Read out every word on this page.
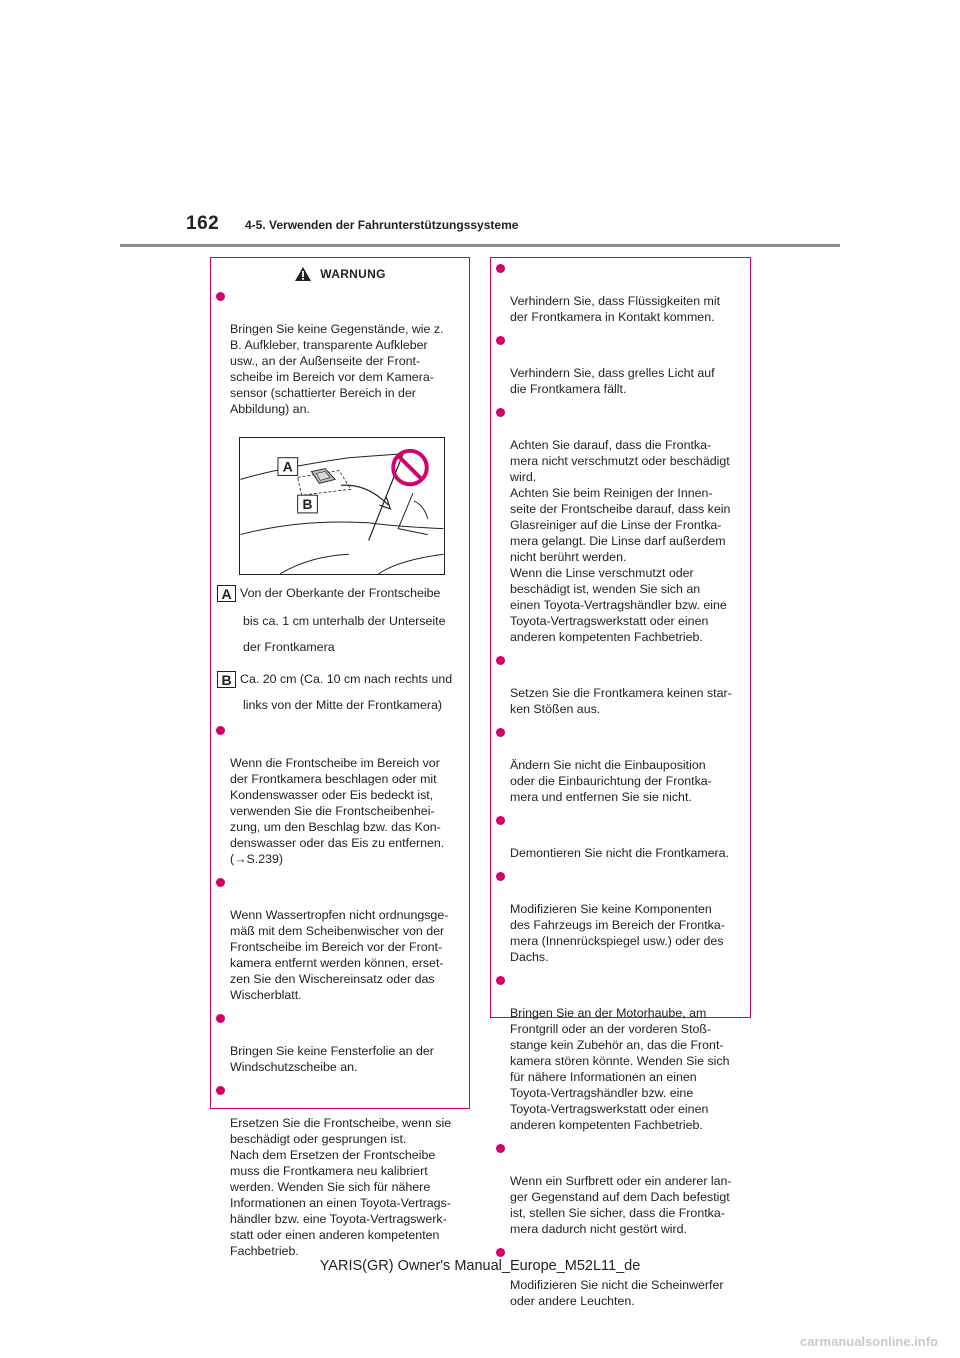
162 4-5. Verwenden der Fahrunterstützungssysteme
WARNUNG

Bringen Sie keine Gegenstände, wie z.
B. Aufkleber, transparente Aufkleber
usw., an der Außenseite der Front-
scheibe im Bereich vor dem Kamera-
sensor (schattierter Bereich in der
Abbildung) an.

A
B
A Von der Oberkante der Frontscheibe

bis ca. 1 cm unterhalb der Unterseite

der Frontkamera

B Ca. 20 cm (Ca. 10 cm nach rechts und

links von der Mitte der Frontkamera)

Wenn die Frontscheibe im Bereich vor
der Frontkamera beschlagen oder mit
Kondenswasser oder Eis bedeckt ist,
verwenden Sie die Frontscheibenhei-
zung, um den Beschlag bzw. das Kon-
denswasser oder das Eis zu entfernen.
(→S.239)

Wenn Wassertropfen nicht ordnungsge-
mäß mit dem Scheibenwischer von der
Frontscheibe im Bereich vor der Front-
kamera entfernt werden können, erset-
zen Sie den Wischereinsatz oder das
Wischerblatt.

Bringen Sie keine Fensterfolie an der
Windschutzscheibe an.

Ersetzen Sie die Frontscheibe, wenn sie
beschädigt oder gesprungen ist.
Nach dem Ersetzen der Frontscheibe
muss die Frontkamera neu kalibriert
werden. Wenden Sie sich für nähere
Informationen an einen Toyota-Vertrags-
händler bzw. eine Toyota-Vertragswerk-
statt oder einen anderen kompetenten
Fachbetrieb.

Verhindern Sie, dass Flüssigkeiten mit
der Frontkamera in Kontakt kommen.

Verhindern Sie, dass grelles Licht auf
die Frontkamera fällt.

Achten Sie darauf, dass die Frontka-
mera nicht verschmutzt oder beschädigt
wird.
Achten Sie beim Reinigen der Innen-
seite der Frontscheibe darauf, dass kein
Glasreiniger auf die Linse der Frontka-
mera gelangt. Die Linse darf außerdem
nicht berührt werden.
Wenn die Linse verschmutzt oder
beschädigt ist, wenden Sie sich an
einen Toyota-Vertragshändler bzw. eine
Toyota-Vertragswerkstatt oder einen
anderen kompetenten Fachbetrieb.

Setzen Sie die Frontkamera keinen star-
ken Stößen aus.

Ändern Sie nicht die Einbauposition
oder die Einbaurichtung der Frontka-
mera und entfernen Sie sie nicht.

Demontieren Sie nicht die Frontkamera.

Modifizieren Sie keine Komponenten
des Fahrzeugs im Bereich der Frontka-
mera (Innenrückspiegel usw.) oder des
Dachs.

Bringen Sie an der Motorhaube, am
Frontgrill oder an der vorderen Stoß-
stange kein Zubehör an, das die Front-
kamera stören könnte. Wenden Sie sich
für nähere Informationen an einen
Toyota-Vertragshändler bzw. eine
Toyota-Vertragswerkstatt oder einen
anderen kompetenten Fachbetrieb.

Wenn ein Surfbrett oder ein anderer lan-
ger Gegenstand auf dem Dach befestigt
ist, stellen Sie sicher, dass die Frontka-
mera dadurch nicht gestört wird.

Modifizieren Sie nicht die Scheinwerfer
oder andere Leuchten.

YARIS(GR) Owner's Manual_Europe_M52L11_de
carmanualsonline.info
